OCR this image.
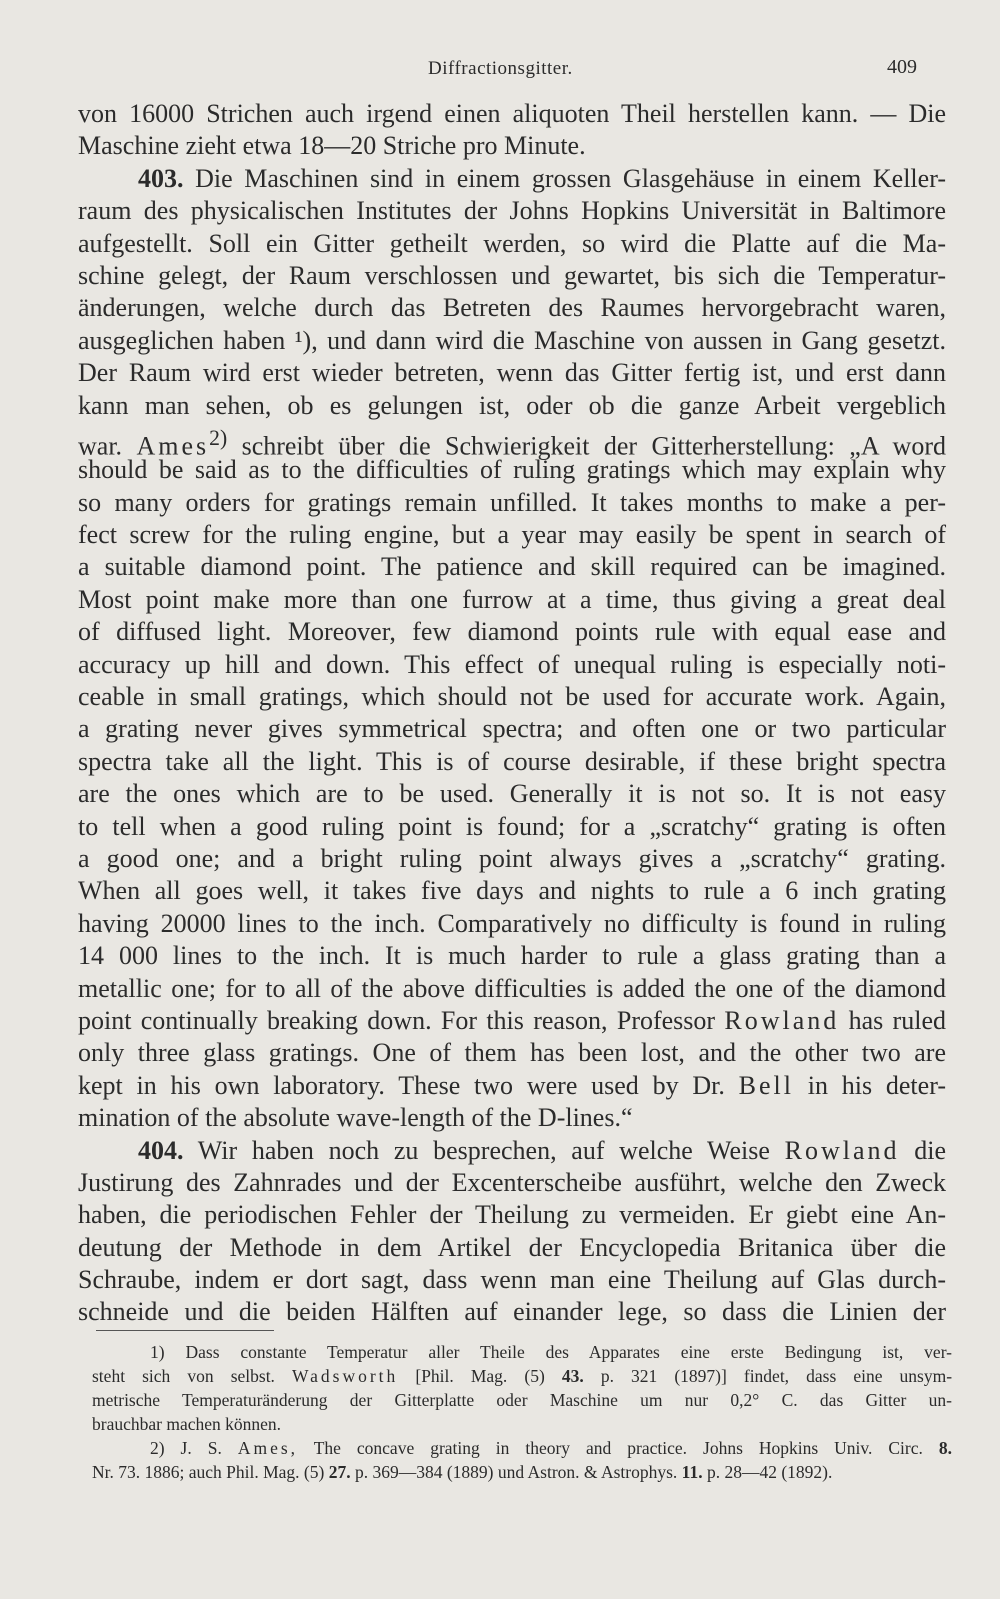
Diffractionsgitter.	409
von 16000 Strichen auch irgend einen aliquoten Theil herstellen kann. — Die
Maschine zieht etwa 18—20 Striche pro Minute.
403. Die Maschinen sind in einem grossen Glasgehäuse in einem Keller-
raum des physicalischen Institutes der Johns Hopkins Universität in Baltimore
aufgestellt. Soll ein Gitter getheilt werden, so wird die Platte auf die Ma-
schine gelegt, der Raum verschlossen und gewartet, bis sich die Temperatur-
änderungen, welche durch das Betreten des Raumes hervorgebracht waren,
ausgeglichen haben ¹), und dann wird die Maschine von aussen in Gang gesetzt.
Der Raum wird erst wieder betreten, wenn das Gitter fertig ist, und erst dann
kann man sehen, ob es gelungen ist, oder ob die ganze Arbeit vergeblich
war. Ames$^{2)}$ schreibt über die Schwierigkeit der Gitterherstellung: „A word
should be said as to the difficulties of ruling gratings which may explain why
so many orders for gratings remain unfilled. It takes months to make a per-
fect screw for the ruling engine, but a year may easily be spent in search of
a suitable diamond point. The patience and skill required can be imagined.
Most point make more than one furrow at a time, thus giving a great deal
of diffused light. Moreover, few diamond points rule with equal ease and
accuracy up hill and down. This effect of unequal ruling is especially noti-
ceable in small gratings, which should not be used for accurate work. Again,
a grating never gives symmetrical spectra; and often one or two particular
spectra take all the light. This is of course desirable, if these bright spectra
are the ones which are to be used. Generally it is not so. It is not easy
to tell when a good ruling point is found; for a „scratchy“ grating is often
a good one; and a bright ruling point always gives a „scratchy“ grating.
When all goes well, it takes five days and nights to rule a 6 inch grating
having 20000 lines to the inch. Comparatively no difficulty is found in ruling
14 000 lines to the inch. It is much harder to rule a glass grating than a
metallic one; for to all of the above difficulties is added the one of the diamond
point continually breaking down. For this reason, Professor Rowland has ruled
only three glass gratings. One of them has been lost, and the other two are
kept in his own laboratory. These two were used by Dr. Bell in his deter-
mination of the absolute wave-length of the D-lines.“
404. Wir haben noch zu besprechen, auf welche Weise Rowland die
Justirung des Zahnrades und der Excenterscheibe ausführt, welche den Zweck
haben, die periodischen Fehler der Theilung zu vermeiden. Er giebt eine An-
deutung der Methode in dem Artikel der Encyclopedia Britanica über die
Schraube, indem er dort sagt, dass wenn man eine Theilung auf Glas durch-
schneide und die beiden Hälften auf einander lege, so dass die Linien der
1) Dass constante Temperatur aller Theile des Apparates eine erste Bedingung ist, ver-
steht sich von selbst. Wadsworth [Phil. Mag. (5) 43. p. 321 (1897)] findet, dass eine unsym-
metrische Temperaturänderung der Gitterplatte oder Maschine um nur 0,2° C. das Gitter un-
brauchbar machen können.
2) J. S. Ames, The concave grating in theory and practice. Johns Hopkins Univ. Circ. 8.
Nr. 73. 1886; auch Phil. Mag. (5) 27. p. 369—384 (1889) und Astron. & Astrophys. 11. p. 28—42 (1892).
